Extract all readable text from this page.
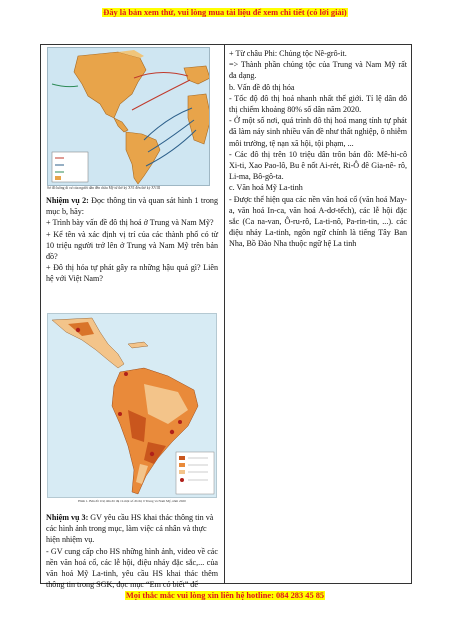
Đây là bản xem thử, vui lòng mua tài liệu để xem chi tiết (có lời giải)
Sơ đồ luồng di cư của người dân đến châu Mỹ từ thế kỷ XVI đến thế kỷ XVIII

Nhiệm vụ 2: Đọc thông tin và quan sát hình 1 trong mục b, hãy:

+ Trình bày vấn đề đô thị hoá ở Trung và Nam Mỹ?

+ Kể tên và xác định vị trí của các thành phố có từ 10 triệu người trở lên ở Trung và Nam Mỹ trên bản đồ?

+ Đô thị hóa tự phát gây ra những hậu quả gì? Liên hệ với Việt Nam?

Hình 1. Bản đồ tỉ lệ dân đô thị và một số đô thị ở Trung và Nam Mỹ, năm 2020

Nhiệm vụ 3: GV yêu cầu HS khai thác thông tin và các hình ảnh trong mục, làm việc cá nhân và thực hiện nhiệm vụ.

- GV cung cấp cho HS những hình ảnh, video về các nền văn hoá cổ, các lễ hội, điệu nhảy đặc sắc,... của văn hoá Mỹ La-tinh, yêu cầu HS khai thác thêm thông tin trong SGK, đọc mục “Em có biết” để

+ Từ châu Phi: Chủng tộc Nê-grô-it.

=> Thành phần chủng tộc của Trung và Nam Mỹ rất đa dạng.

b. Vấn đề đô thị hóa

- Tốc độ đô thị hoá nhanh nhất thế giới. Tỉ lệ dân đô thị chiếm khoảng 80% số dân năm 2020.

- Ở một số nơi, quá trình đô thị hoá mang tính tự phát đã làm nảy sinh nhiều vấn đề như thất nghiệp, ô nhiễm môi trường, tệ nạn xã hội, tội phạm, ...

- Các đô thị trên 10 triệu dân trôn bản đồ: Mê-hi-cô Xi-ti, Xao Pao-lô, Bu ê nốt Ai-rét, Ri-Ô đê Gia-nê- rô, Li-ma, Bô-gô-ta.

c. Văn hoá Mỹ La-tinh

- Được thể hiện qua các nền văn hoá cổ (văn hoá May-a, văn hoá In-ca, văn hoá A-dơ-tếch), các lễ hội đặc sắc (Ca na-van, Ô-ru-rô, La-ti-nô, Pa-rin-tin, ...). các điệu nhảy La-tinh, ngôn ngữ chính là tiếng Tây Ban Nha, Bồ Đào Nha thuộc ngữ hệ La tinh

Mọi thắc mắc vui lòng xin liên hệ hotline: 084 283 45 85
